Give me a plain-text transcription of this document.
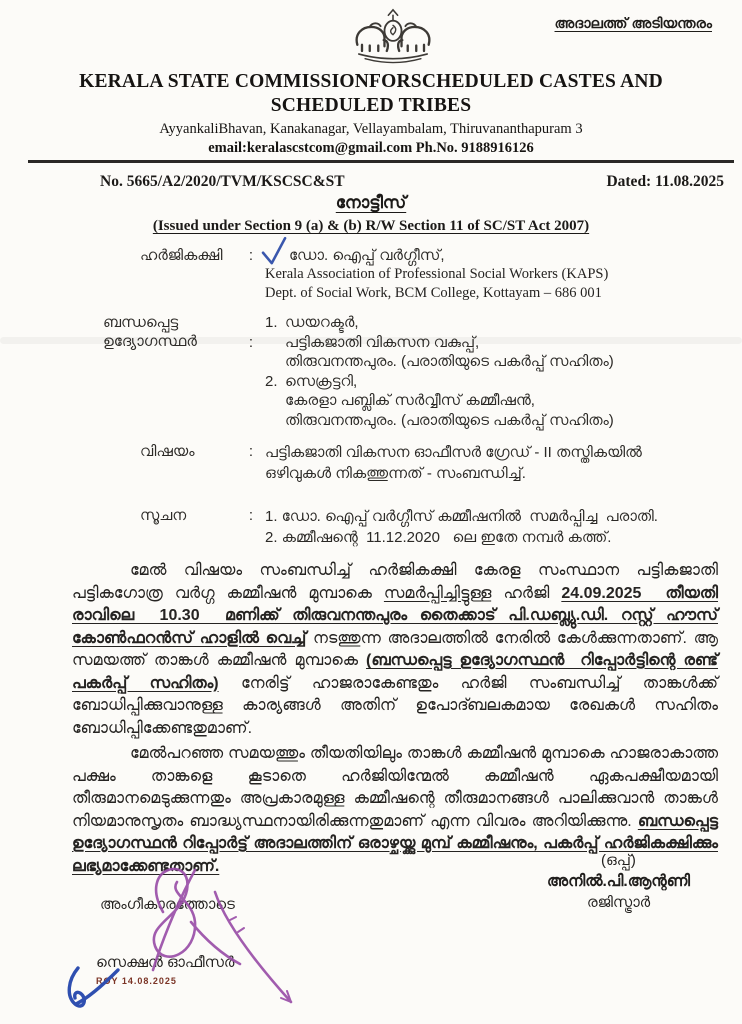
അദാലത്ത് അടിയന്തരം
KERALA STATE COMMISSIONFORSCHEDULED CASTES AND
SCHEDULED TRIBES
AyyankaliBhavan, Kanakanagar, Vellayambalam, Thiruvananthapuram 3
email:keralascstcom@gmail.com Ph.No. 9188916126
No. 5665/A2/2020/TVM/KSCSC&ST	Dated: 11.08.2025
നോട്ടീസ്
(Issued under Section 9 (a) & (b) R/W Section 11 of SC/ST Act 2007)
ഹർജികക്ഷി	:	ഡോ. ഐപ്പ് വർഗ്ഗീസ്,
Kerala Association of Professional Social Workers (KAPS)
Dept. of Social Work, BCM College, Kottayam – 686 001
ബന്ധപ്പെട്ട
ഉദ്യോഗസ്ഥർ	:
1. ഡയറക്ടർ,
പട്ടികജാതി വികസന വകുപ്പ്,
തിരുവനന്തപുരം. (പരാതിയുടെ പകർപ്പ് സഹിതം)
2. സെക്രട്ടറി,
കേരളാ പബ്ലിക് സർവ്വീസ് കമ്മീഷൻ,
തിരുവനന്തപുരം. (പരാതിയുടെ പകർപ്പ് സഹിതം)
വിഷയം	: പട്ടികജാതി വികസന ഓഫീസർ ഗ്രേഡ് - II തസ്തികയിൽ
ഒഴിവുകൾ നികത്തുന്നത് - സംബന്ധിച്ച്.
സൂചന	: 1. ഡോ. ഐപ്പ് വർഗ്ഗീസ് കമ്മീഷനിൽ  സമർപ്പിച്ച  പരാതി.
2. കമ്മീഷന്റെ  11.12.2020   ലെ ഇതേ നമ്പർ കത്ത്.

മേൽ വിഷയം സംബന്ധിച്ച് ഹർജികക്ഷി കേരള സംസ്ഥാന പട്ടികജാതി പട്ടികഗോത്ര വർഗ്ഗ കമ്മീഷൻ മുമ്പാകെ സമർപ്പിച്ചിട്ടുള്ള ഹർജി 24.09.2025  തീയതി രാവിലെ  10.30  മണിക്ക് തിരുവനന്തപുരം തൈക്കാട് പി.ഡബ്ല്യു.ഡി. റസ്റ്റ് ഹൗസ് കോൺഫറൻസ് ഹാളിൽ വെച്ച് നടത്തുന്ന അദാലത്തിൽ നേരിൽ കേൾക്കുന്നതാണ്. ആ സമയത്ത് താങ്കൾ കമ്മീഷൻ മുമ്പാകെ (ബന്ധപ്പെട്ട ഉദ്യോഗസ്ഥൻ  റിപ്പോർട്ടിന്റെ രണ്ട് പകർപ്പ് സഹിതം) നേരിട്ട് ഹാജരാകേണ്ടതും ഹർജി സംബന്ധിച്ച് താങ്കൾക്ക് ബോധിപ്പിക്കുവാനുള്ള കാര്യങ്ങൾ അതിന് ഉപോദ്ബലകമായ രേഖകൾ സഹിതം ബോധിപ്പിക്കേണ്ടതുമാണ്.

മേൽപറഞ്ഞ സമയത്തും തീയതിയിലും താങ്കൾ കമ്മീഷൻ മുമ്പാകെ ഹാജരാകാത്ത പക്ഷം താങ്കളെ കൂടാതെ ഹർജിയിന്മേൽ കമ്മീഷൻ ഏകപക്ഷീയമായി തീരുമാനമെടുക്കുന്നതും അപ്രകാരമുള്ള കമ്മീഷന്റെ തീരുമാനങ്ങൾ പാലിക്കുവാൻ താങ്കൾ നിയമാനുസൃതം ബാദ്ധ്യസ്ഥനായിരിക്കുന്നതുമാണ് എന്ന വിവരം അറിയിക്കുന്നു. ബന്ധപ്പെട്ട ഉദ്യോഗസ്ഥൻ റിപ്പോർട്ട് അദാലത്തിന് ഒരാഴ്ചയ്ക്കു മുമ്പ് കമ്മീഷനും, പകർപ്പ് ഹർജികക്ഷിക്കും ലഭ്യമാക്കേണ്ടതാണ്.	(ഒപ്പ്)
അനിൽ.പി.ആന്റണി
രജിസ്ട്രാർ
അംഗീകാരത്തോടെ
സെക്ഷൻ ഓഫീസർ
ROY 14.08.2025
